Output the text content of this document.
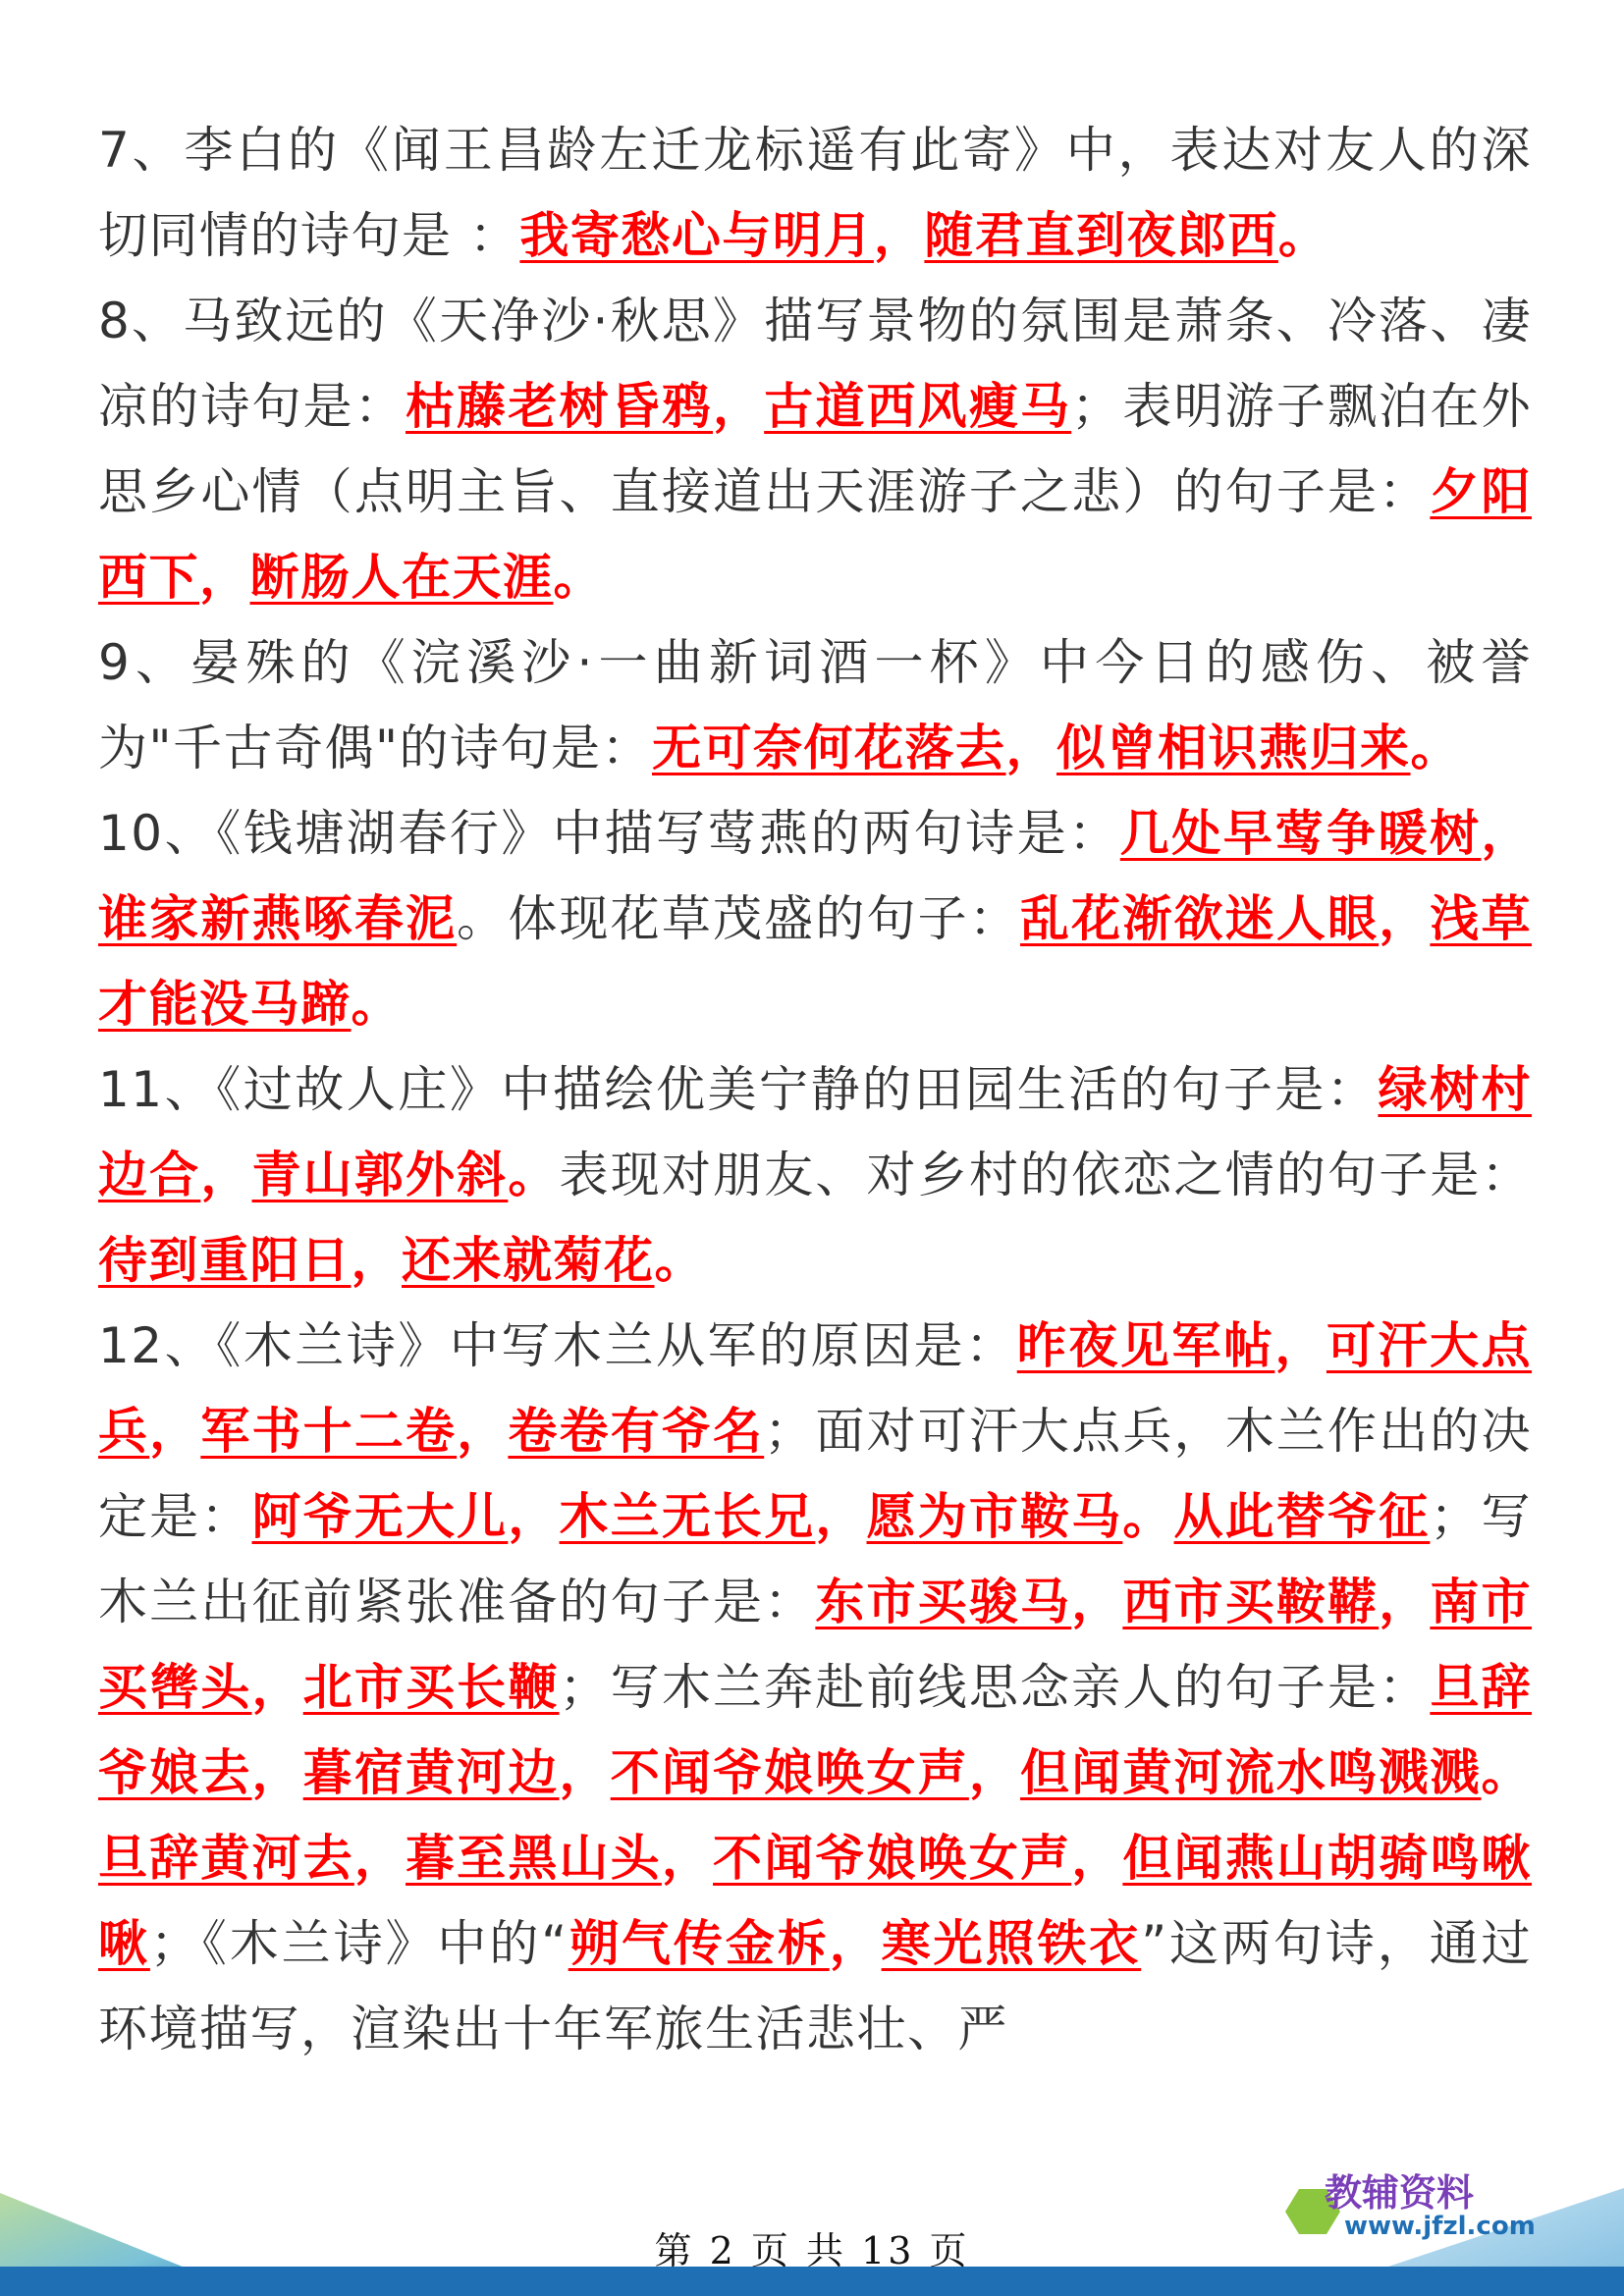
7、李白的《闻王昌龄左迁龙标遥有此寄》中，表达对友人的深切同情的诗句是 ：我寄愁心与明月，随君直到夜郎西。

8、马致远的《天净沙·秋思》描写景物的氛围是萧条、冷落、凄凉的诗句是：枯藤老树昏鸦，古道西风瘦马；表明游子飘泊在外思乡心情（点明主旨、直接道出天涯游子之悲）的句子是：夕阳西下，断肠人在天涯。

9、晏殊的《浣溪沙·一曲新词酒一杯》中今日的感伤、被誉为"千古奇偶"的诗句是：无可奈何花落去，似曾相识燕归来。

10、《钱塘湖春行》中描写莺燕的两句诗是：几处早莺争暖树，谁家新燕啄春泥。体现花草茂盛的句子：乱花渐欲迷人眼，浅草才能没马蹄。

11、《过故人庄》中描绘优美宁静的田园生活的句子是：绿树村边合，青山郭外斜。表现对朋友、对乡村的依恋之情的句子是：待到重阳日，还来就菊花。

12、《木兰诗》中写木兰从军的原因是：昨夜见军帖，可汗大点兵，军书十二卷，卷卷有爷名；面对可汗大点兵，木兰作出的决定是：阿爷无大儿，木兰无长兄，愿为市鞍马。从此替爷征；写木兰出征前紧张准备的句子是：东市买骏马，西市买鞍鞯，南市买辔头，北市买长鞭；写木兰奔赴前线思念亲人的句子是：旦辞爷娘去，暮宿黄河边，不闻爷娘唤女声，但闻黄河流水鸣溅溅。旦辞黄河去，暮至黑山头，不闻爷娘唤女声，但闻燕山胡骑鸣啾啾；《木兰诗》中的“朔气传金柝，寒光照铁衣”这两句诗，通过环境描写，渲染出十年军旅生活悲壮、严

教辅资料
www.jfzl.com
第 2 页 共 13 页
